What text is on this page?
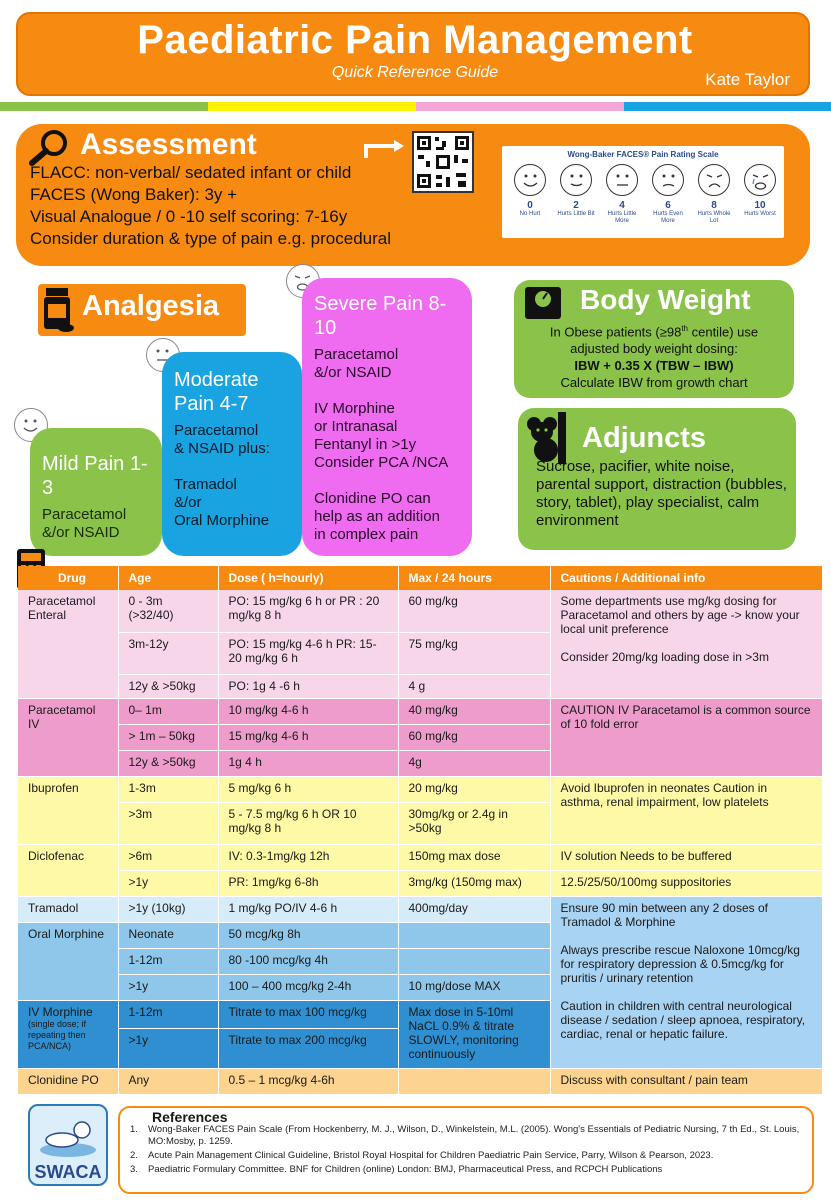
Paediatric Pain Management
Quick Reference Guide	Kate Taylor
Assessment
FLACC: non-verbal/ sedated infant or child
FACES (Wong Baker): 3y +
Visual Analogue / 0 -10 self scoring: 7-16y
Consider duration & type of pain e.g. procedural
Wong-Baker FACES® Pain Rating Scale
0
No Hurt
2
Hurts Little Bit
4
Hurts Little More
6
Hurts Even More
8
Hurts Whole Lot
10
Hurts Worst
Analgesia
Mild Pain 1-3
Paracetamol
&/or NSAID
Moderate Pain 4-7
Paracetamol
& NSAID plus:
Tramadol
&/or
Oral Morphine
Severe Pain 8-10
Paracetamol
&/or NSAID
IV Morphine
or Intranasal
Fentanyl in >1y
Consider PCA /NCA
Clonidine PO can
help as an addition
in complex pain
Body Weight
In Obese patients (≥98th centile) use
adjusted body weight dosing:
IBW + 0.35 X (TBW – IBW)
Calculate IBW from growth chart
Adjuncts
Sucrose, pacifier, white noise, parental support, distraction (bubbles, story, tablet), play specialist, calm environment
Drug	Age	Dose ( h=hourly)	Max / 24 hours	Cautions / Additional info
Paracetamol Enteral	0 - 3m (>32/40)	PO: 15 mg/kg 6 h or PR : 20 mg/kg 8 h	60 mg/kg	Some departments use mg/kg dosing for Paracetamol and others by age -> know your local unit preference
Consider 20mg/kg loading dose in >3m

	3m-12y	PO: 15 mg/kg 4-6 h PR: 15-20 mg/kg 6 h	75 mg/kg	
	12y & >50kg	PO: 1g 4 -6 h	4 g	
Paracetamol IV	0– 1m	10 mg/kg 4-6 h	40 mg/kg	CAUTION IV Paracetamol is a common source of 10 fold error
	> 1m – 50kg	15 mg/kg 4-6 h	60 mg/kg	
	12y & >50kg	1g 4 h	4g	
Ibuprofen	1-3m	5 mg/kg 6 h	20 mg/kg	Avoid Ibuprofen in neonates Caution in asthma, renal impairment, low platelets
	>3m	5 - 7.5 mg/kg 6 h OR 10 mg/kg 8 h	30mg/kg or 2.4g in >50kg	
Diclofenac	>6m	IV: 0.3-1mg/kg 12h	150mg max dose	IV solution Needs to be buffered
	>1y	PR: 1mg/kg 6-8h	3mg/kg (150mg max)	12.5/25/50/100mg suppositories
Tramadol	>1y (10kg)	1 mg/kg PO/IV 4-6 h	400mg/day	Ensure 90 min between any 2 doses of Tramadol & Morphine
Always prescribe rescue Naloxone 10mcg/kg for respiratory depression & 0.5mcg/kg for pruritis / urinary retention
Caution in children with central neurological disease / sedation / sleep apnoea, respiratory, cardiac, renal or hepatic failure.

Oral Morphine	Neonate	50 mcg/kg 8h		
	1-12m	80 -100 mcg/kg 4h		
	>1y	100 – 400 mcg/kg 2-4h	10 mg/dose MAX	

IV Morphine
(single dose; if repeating then PCA/NCA)	1-12m	Titrate to max 100 mcg/kg	Max dose in 5-10ml NaCL 0.9% & titrate SLOWLY, monitoring continuously	
	>1y	Titrate to max 200 mcg/kg		
Clonidine PO	Any	0.5 – 1 mcg/kg 4-6h		Discuss with consultant / pain team
SWACA
References
1. Wong-Baker FACES Pain Scale (From Hockenberry, M. J., Wilson, D., Winkelstein, M.L. (2005). Wong's Essentials of Pediatric Nursing, 7 th Ed., St. Louis, MO:Mosby, p. 1259.
2. Acute Pain Management Clinical Guideline, Bristol Royal Hospital for Children Paediatric Pain Service, Parry, Wilson & Pearson, 2023.
3. Paediatric Formulary Committee. BNF for Children (online) London: BMJ, Pharmaceutical Press, and RCPCH Publications
